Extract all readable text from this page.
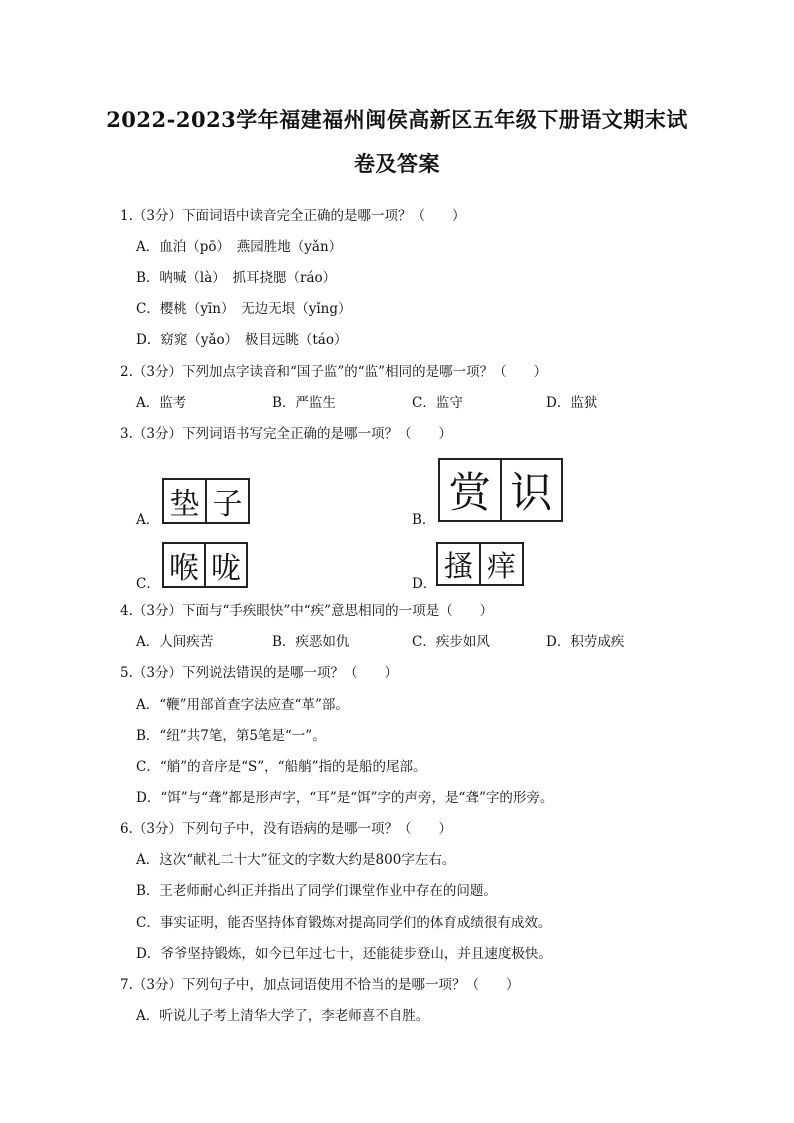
2022-2023学年福建福州闽侯高新区五年级下册语文期末试
卷及答案
1.（3分）下面词语中读音完全正确的是哪一项？（　　）
A．血泊（pō）　燕园胜地（yǎn）
B．呐喊（là）　抓耳挠腮（ráo）
C．樱桃（yīn）　无边无垠（yǐng）
D．窈窕（yǎo）　极目远眺（táo）
2.（3分）下列加点字读音和“国子监”的“监”相同的是哪一项？（　　）
A．监考	B．严监生	C．监守	D．监狱
3.（3分）下列词语书写完全正确的是哪一项？（　　）
A． 垫 子	B．
赏 识
C． 喉 咙	D．
搔 痒
4.（3分）下面与“手疾眼快”中“疾”意思相同的一项是（　　）
A．人间疾苦	B．疾恶如仇	C．疾步如风	D．积劳成疾
5.（3分）下列说法错误的是哪一项？（　　）
A．“鞭”用部首查字法应查“革”部。
B．“纽”共7笔，第5笔是“一”。
C．“艄”的音序是“S”，“船艄”指的是船的尾部。
D．“饵”与“聋”都是形声字，“耳”是“饵”字的声旁，是“聋”字的形旁。
6.（3分）下列句子中，没有语病的是哪一项？（　　）
A．这次“献礼二十大”征文的字数大约是800字左右。
B．王老师耐心纠正并指出了同学们课堂作业中存在的问题。
C．事实证明，能否坚持体育锻炼对提高同学们的体育成绩很有成效。
D．爷爷坚持锻炼，如今已年过七十，还能徒步登山，并且速度极快。
7.（3分）下列句子中，加点词语使用不恰当的是哪一项？（　　）
A．听说儿子考上清华大学了，李老师喜不自胜。
